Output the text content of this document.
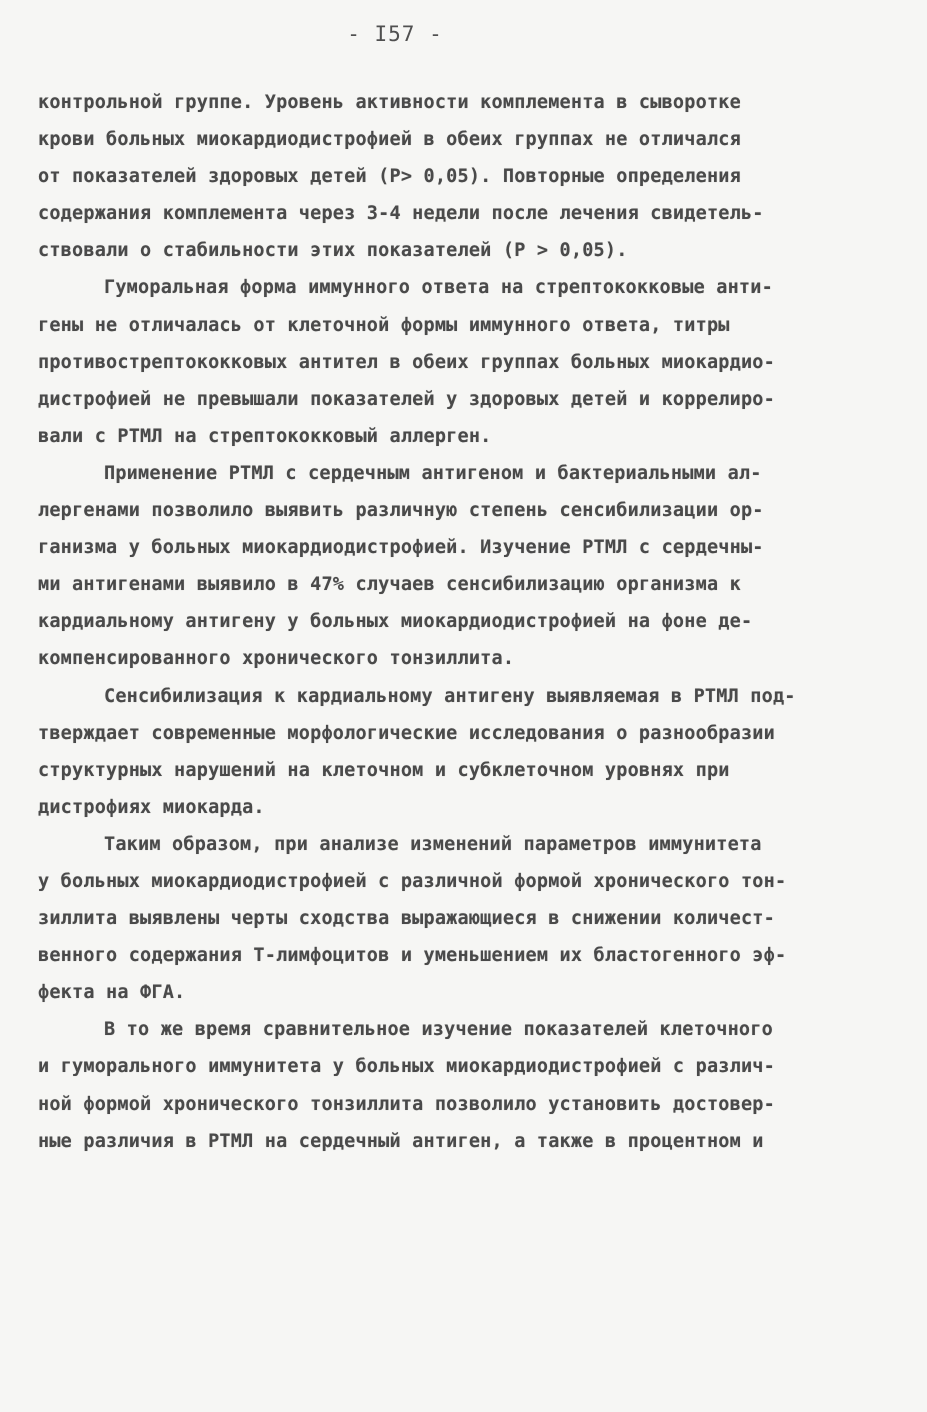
- I57 -
контрольной группе. Уровень активности комплемента в сыворотке
крови больных миокардиодистрофией в обеих группах не отличался
от показателей здоровых детей (P> 0,05). Повторные определения
содержания комплемента через 3-4 недели после лечения свидетель-
ствовали о стабильности этих показателей (P > 0,05).
Гуморальная форма иммунного ответа на стрептококковые анти-
гены не отличалась от клеточной формы иммунного ответа, титры
противострептококковых антител в обеих группах больных миокардио-
дистрофией не превышали показателей у здоровых детей и коррелиро-
вали с РТМЛ на стрептококковый аллерген.
Применение РТМЛ с сердечным антигеном и бактериальными ал-
лергенами позволило выявить различную степень сенсибилизации ор-
ганизма у больных миокардиодистрофией. Изучение РТМЛ с сердечны-
ми антигенами выявило в 47% случаев сенсибилизацию организма к
кардиальному антигену у больных миокардиодистрофией на фоне де-
компенсированного хронического тонзиллита.
Сенсибилизация к кардиальному антигену выявляемая в РТМЛ под-
тверждает современные морфологические исследования о разнообразии
структурных нарушений на клеточном и субклеточном уровнях при
дистрофиях миокарда.
Таким образом, при анализе изменений параметров иммунитета
у больных миокардиодистрофией с различной формой хронического тон-
зиллита выявлены черты сходства выражающиеся в снижении количест-
венного содержания Т-лимфоцитов и уменьшением их бластогенного эф-
фекта на ФГА.
В то же время сравнительное изучение показателей клеточного
и гуморального иммунитета у больных миокардиодистрофией с различ-
ной формой хронического тонзиллита позволило установить достовер-
ные различия в РТМЛ на сердечный антиген, а также в процентном и
